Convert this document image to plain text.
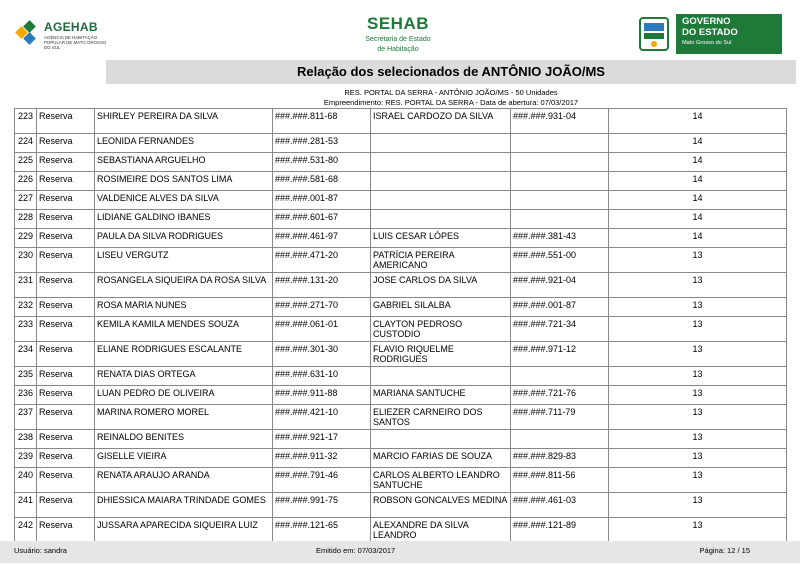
AGEHAB
AGÊNCIA DE HABITAÇÃO POPULAR DE MATO GROSSO DO SUL
SEHAB
Secretaria de Estado
de Habitação
GOVERNO
DO ESTADO
Mato Grosso do Sul
Relação dos selecionados de ANTÔNIO JOÃO/MS
RES. PORTAL DA SERRA - ANTÔNIO JOÃO/MS - 50 Unidades
Empreendimento: RES. PORTAL DA SERRA - Data de abertura: 07/03/2017
223	Reserva	SHIRLEY PEREIRA DA SILVA	###.###.811-68	ISRAEL CARDOZO DA SILVA	###.###.931-04	14
224	Reserva	LEONIDA FERNANDES	###.###.281-53			14
225	Reserva	SEBASTIANA ARGUELHO	###.###.531-80			14
226	Reserva	ROSIMEIRE DOS SANTOS LIMA	###.###.581-68			14
227	Reserva	VALDENICE ALVES DA SILVA	###.###.001-87			14
228	Reserva	LIDIANE GALDINO IBANES	###.###.601-67			14
229	Reserva	PAULA DA SILVA RODRIGUES	###.###.461-97	LUIS CESAR LÓPES	###.###.381-43	14
230	Reserva	LISEU VERGUTZ	###.###.471-20	PATRÍCIA PEREIRA AMERICANO	###.###.551-00	13
231	Reserva	ROSANGELA SIQUEIRA DA ROSA SILVA	###.###.131-20	JOSE CARLOS DA SILVA	###.###.921-04	13
232	Reserva	ROSA MARIA NUNES	###.###.271-70	GABRIEL SILALBA	###.###.001-87	13
233	Reserva	KEMILA KAMILA MENDES SOUZA	###.###.061-01	CLAYTON PEDROSO CUSTODIO	###.###.721-34	13
234	Reserva	ELIANE RODRIGUES ESCALANTE	###.###.301-30	FLAVIO RIQUELME RODRIGUES	###.###.971-12	13
235	Reserva	RENATA DIAS ORTEGA	###.###.631-10			13
236	Reserva	LUAN PEDRO DE OLIVEIRA	###.###.911-88	MARIANA SANTUCHE	###.###.721-76	13
237	Reserva	MARINA ROMERO MOREL	###.###.421-10	ELIEZER CARNEIRO DOS SANTOS	###.###.711-79	13
238	Reserva	REINALDO BENITES	###.###.921-17			13
239	Reserva	GISELLE VIEIRA	###.###.911-32	MARCIO FARIAS DE SOUZA	###.###.829-83	13
240	Reserva	RENATA ARAUJO ARANDA	###.###.791-46	CARLOS ALBERTO LEANDRO SANTUCHE	###.###.811-56	13
241	Reserva	DHIESSICA MAIARA TRINDADE GOMES	###.###.991-75	ROBSON GONCALVES MEDINA	###.###.461-03	13
242	Reserva	JUSSARA APARECIDA SIQUEIRA LUIZ	###.###.121-65	ALEXANDRE DA SILVA LEANDRO	###.###.121-89	13
Usuário: sandra	Emitido em: 07/03/2017	Página: 12 / 15
